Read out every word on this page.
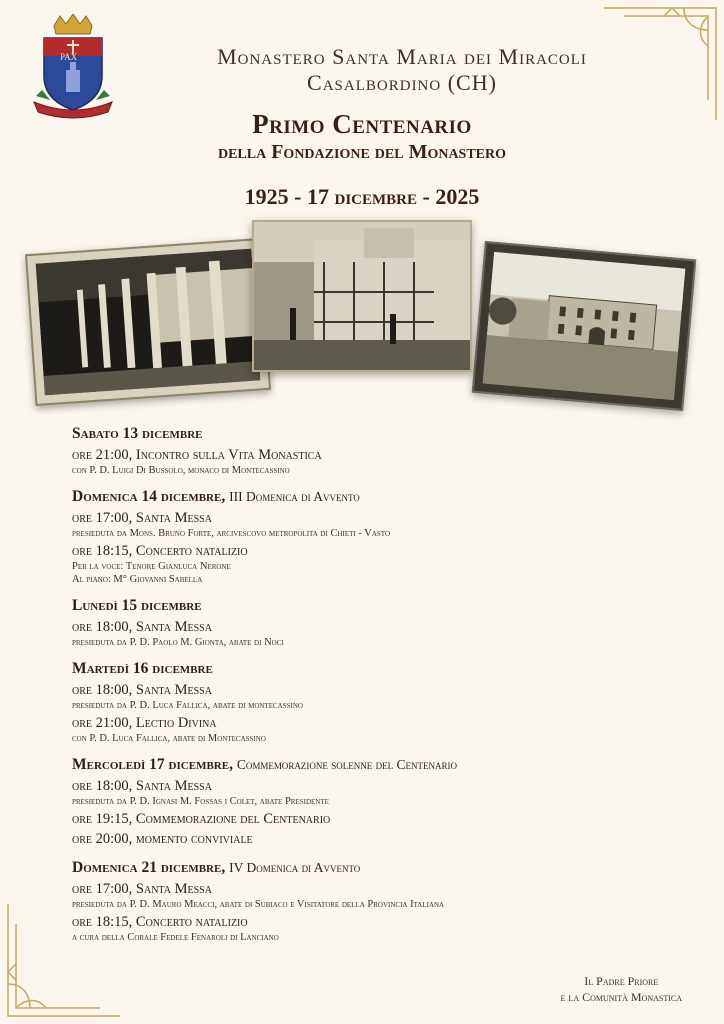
PAX	Monastero Santa Maria dei Miracoli
Casalbordino (CH)
Primo Centenario
della Fondazione del Monastero
1925 - 17 dicembre - 2025
Sabato 13 dicembre
ore 21:00, Incontro sulla Vita Monastica
con P. D. Luigi Di Bussolo, monaco di Montecassino
Domenica 14 dicembre, III Domenica di Avvento
ore 17:00, Santa Messa
presieduta da Mons. Bruno Forte, arcivescovo metropolita di Chieti - Vasto
ore 18:15, Concerto natalizio
Per la voce: Tenore Gianluca Nerone
Al piano: M° Giovanni Sabella
Lunedì 15 dicembre
ore 18:00, Santa Messa
presieduta da P. D. Paolo M. Gionta, abate di Noci
Martedì 16 dicembre
ore 18:00, Santa Messa
presieduta da P. D. Luca Fallica, abate di montecassino
ore 21:00, Lectio Divina
con P. D. Luca Fallica, abate di Montecassino
Mercoledì 17 dicembre, Commemorazione solenne del Centenario
ore 18:00, Santa Messa
presieduta da P. D. Ignasi M. Fossas i Colet, abate Presidente
ore 19:15, Commemorazione del Centenario
ore 20:00, momento conviviale
Domenica 21 dicembre, IV Domenica di Avvento
ore 17:00, Santa Messa
presieduta da P. D. Mauro Meacci, abate di Subiaco e Visitatore della Provincia Italiana
ore 18:15, Concerto natalizio
a cura della Corale Fedele Fenaroli di Lanciano
Il Padre Priore
e la Comunità Monastica
